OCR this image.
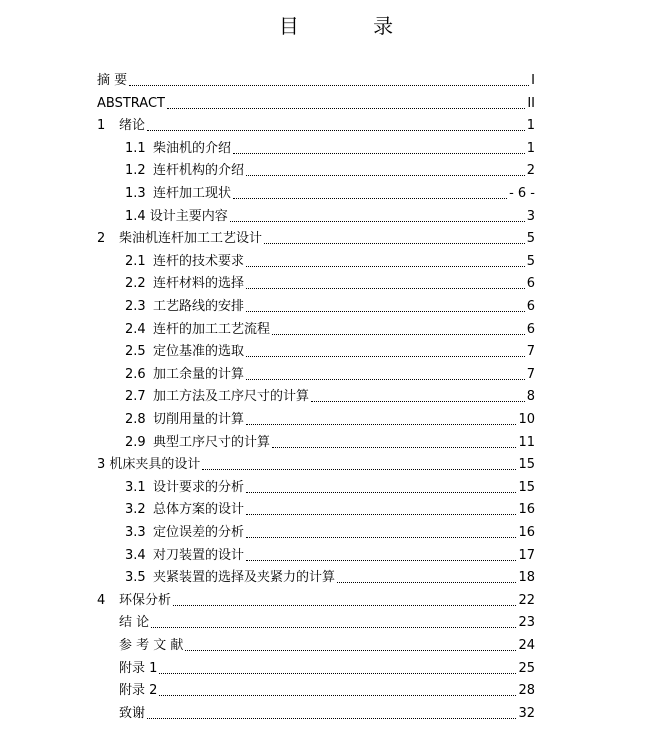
目 录
摘 要	I
ABSTRACT	II
1 绪论	1
1.1 柴油机的介绍	1
1.2 连杆机构的介绍	2
1.3 连杆加工现状	- 6 -
1.4 设计主要内容	3
2 柴油机连杆加工工艺设计	5
2.1 连杆的技术要求	5
2.2 连杆材料的选择	6
2.3 工艺路线的安排	6
2.4 连杆的加工工艺流程	6
2.5 定位基准的选取	7
2.6 加工余量的计算	7
2.7 加工方法及工序尺寸的计算	8
2.8 切削用量的计算	10
2.9 典型工序尺寸的计算	11
3 机床夹具的设计	15
3.1 设计要求的分析	15
3.2 总体方案的设计	16
3.3 定位误差的分析	16
3.4 对刀装置的设计	17
3.5 夹紧装置的选择及夹紧力的计算	18
4 环保分析	22
结 论	23
参 考 文 献	24
附录 1	25
附录 2	28
致谢	32
